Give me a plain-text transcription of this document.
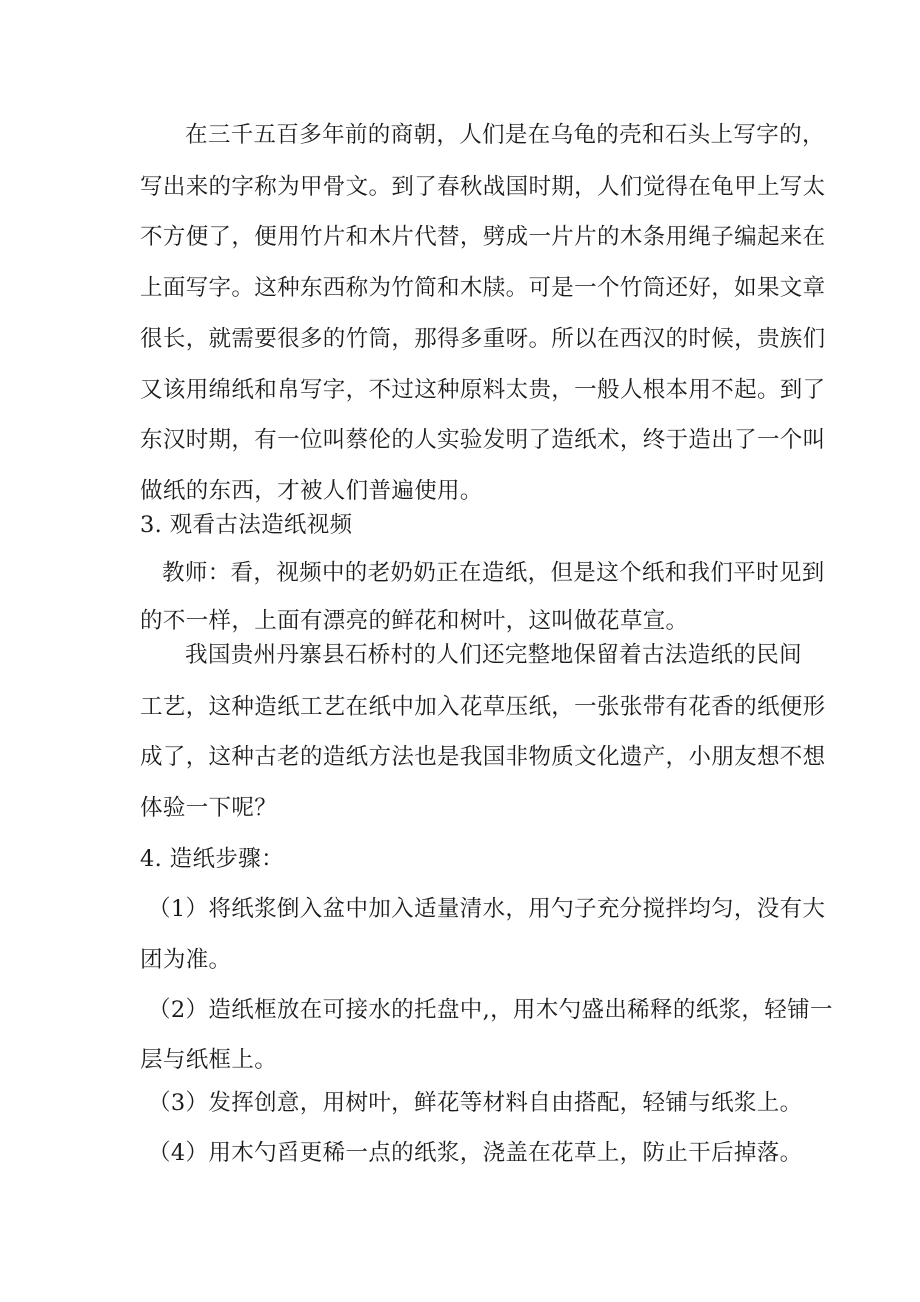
在三千五百多年前的商朝，人们是在乌龟的壳和石头上写字的，
写出来的字称为甲骨文。到了春秋战国时期，人们觉得在龟甲上写太
不方便了，便用竹片和木片代替，劈成一片片的木条用绳子编起来在
上面写字。这种东西称为竹简和木牍。可是一个竹筒还好，如果文章
很长，就需要很多的竹筒，那得多重呀。所以在西汉的时候，贵族们
又该用绵纸和帛写字，不过这种原料太贵，一般人根本用不起。到了
东汉时期，有一位叫蔡伦的人实验发明了造纸术，终于造出了一个叫
做纸的东西，才被人们普遍使用。
3. 观看古法造纸视频
教师：看，视频中的老奶奶正在造纸，但是这个纸和我们平时见到
的不一样，上面有漂亮的鲜花和树叶，这叫做花草宣。
我国贵州丹寨县石桥村的人们还完整地保留着古法造纸的民间
工艺，这种造纸工艺在纸中加入花草压纸，一张张带有花香的纸便形
成了，这种古老的造纸方法也是我国非物质文化遗产，小朋友想不想
体验一下呢？
4. 造纸步骤：
（1）将纸浆倒入盆中加入适量清水，用勺子充分搅拌均匀，没有大
团为准。
（2）造纸框放在可接水的托盘中,，用木勺盛出稀释的纸浆，轻铺一
层与纸框上。
（3）发挥创意，用树叶，鲜花等材料自由搭配，轻铺与纸浆上。
（4）用木勺舀更稀一点的纸浆，浇盖在花草上，防止干后掉落。
